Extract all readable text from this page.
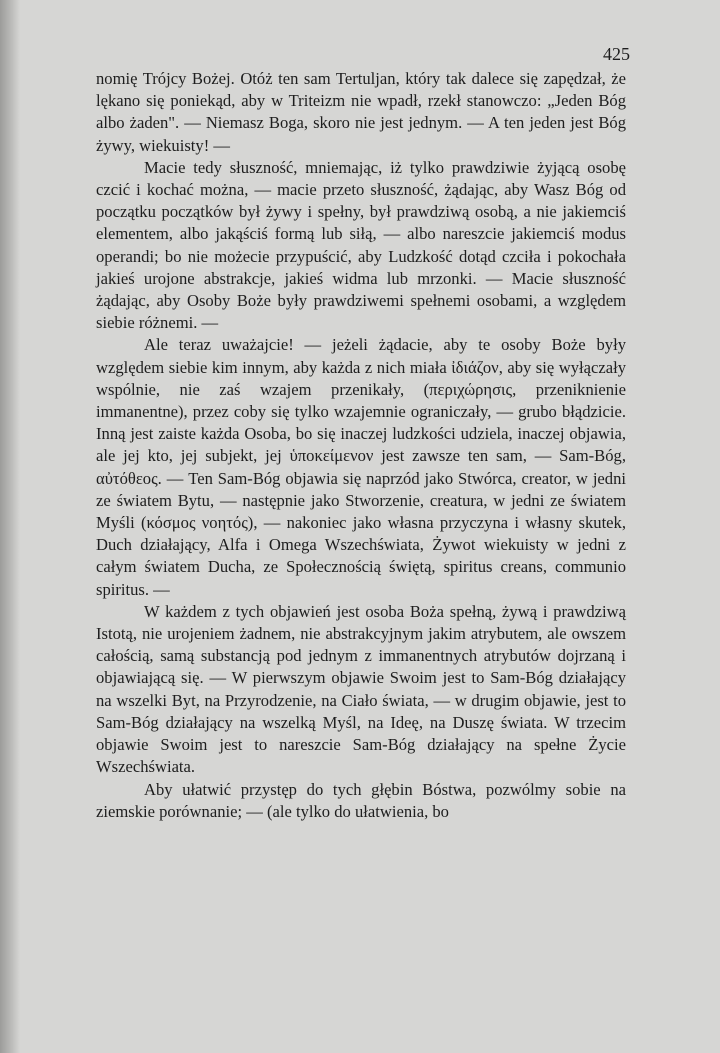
425

nomię Trójcy Bożej. Otóż ten sam Tertuljan, który tak dalece się zapędzał, że lękano się poniekąd, aby w Triteizm nie wpadł, rzekł stanowczo: „Jeden Bóg albo żaden". — Niemasz Boga, skoro nie jest jednym. — A ten jeden jest Bóg żywy, wiekuisty! —

Macie tedy słuszność, mniemając, iż tylko prawdziwie żyjącą osobę czcić i kochać można, — macie przeto słuszność, żądając, aby Wasz Bóg od początku początków był żywy i spełny, był prawdziwą osobą, a nie jakiemciś elementem, albo jakąściś formą lub siłą, — albo nareszcie jakiemciś modus operandi; bo nie możecie przypuścić, aby Ludzkość dotąd czciła i pokochała jakieś urojone abstrakcje, jakieś widma lub mrzonki. — Macie słuszność żądając, aby Osoby Boże były prawdziwemi spełnemi osobami, a względem siebie różnemi. —

Ale teraz uważajcie! — jeżeli żądacie, aby te osoby Boże były względem siebie kim innym, aby każda z nich miała ἰδιάζον, aby się wyłączały wspólnie, nie zaś wzajem przenikały, (περιχώρησις, przeniknienie immanentne), przez coby się tylko wzajemnie ograniczały, — grubo błądzicie. Inną jest zaiste każda Osoba, bo się inaczej ludzkości udziela, inaczej objawia, ale jej kto, jej subjekt, jej ὑποκείμενον jest zawsze ten sam, — Sam-Bóg, αὐτόθεος. — Ten Sam-Bóg objawia się naprzód jako Stwórca, creator, w jedni ze światem Bytu, — następnie jako Stworzenie, creatura, w jedni ze światem Myśli (κόσμος νοητός), — nakoniec jako własna przyczyna i własny skutek, Duch działający, Alfa i Omega Wszechświata, Żywot wiekuisty w jedni z całym światem Ducha, ze Społecznością świętą, spiritus creans, communio spiritus. —

W każdem z tych objawień jest osoba Boża spełną, żywą i prawdziwą Istotą, nie urojeniem żadnem, nie abstrakcyjnym jakim atrybutem, ale owszem całością, samą substancją pod jednym z immanentnych atrybutów dojrzaną i objawiającą się. — W pierwszym objawie Swoim jest to Sam-Bóg działający na wszelki Byt, na Przyrodzenie, na Ciało świata, — w drugim objawie, jest to Sam-Bóg działający na wszelką Myśl, na Ideę, na Duszę świata. W trzecim objawie Swoim jest to nareszcie Sam-Bóg działający na spełne Życie Wszechświata.

Aby ułatwić przystęp do tych głębin Bóstwa, pozwólmy sobie na ziemskie porównanie; — (ale tylko do ułatwienia, bo
